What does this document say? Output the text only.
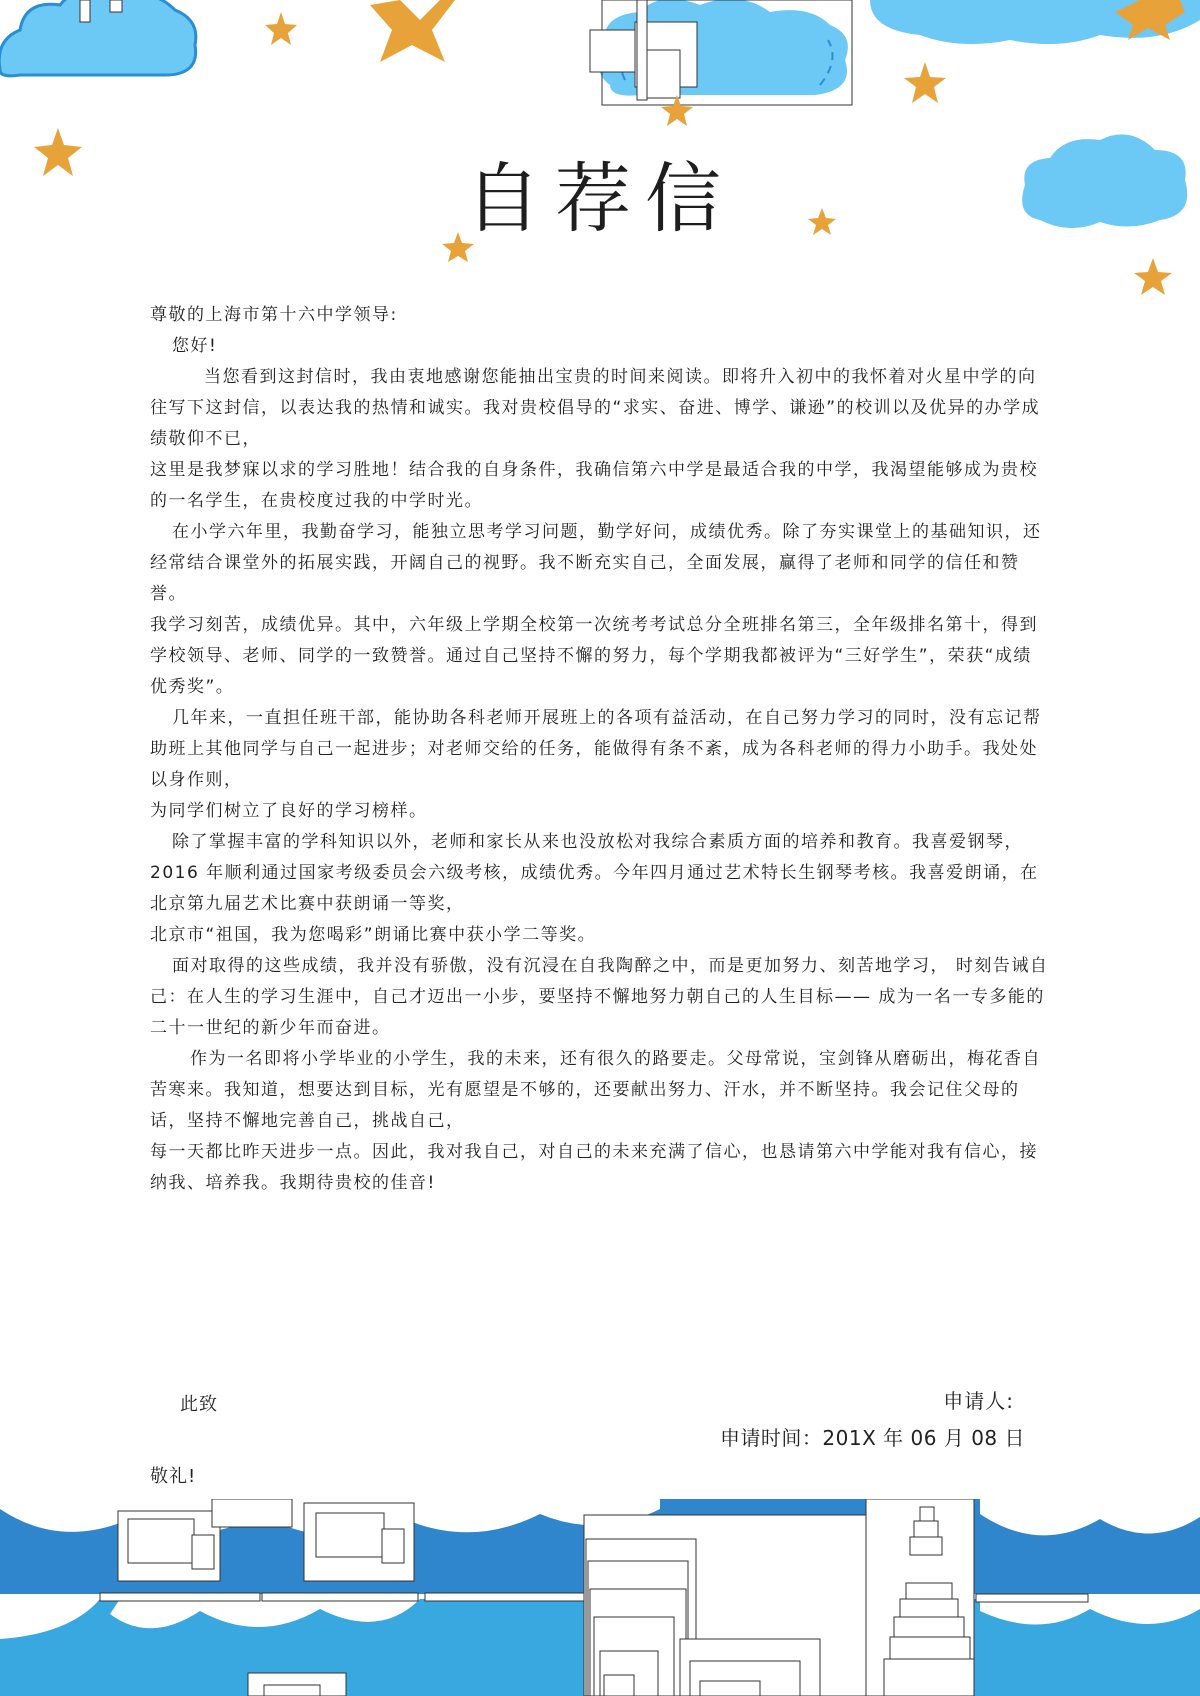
自荐信

尊敬的上海市第十六中学领导:

您好!

当您看到这封信时，我由衷地感谢您能抽出宝贵的时间来阅读。即将升入初中的我怀着对火星中学的向往写下这封信，以表达我的热情和诚实。我对贵校倡导的“求实、奋进、博学、谦逊”的校训以及优异的办学成绩敬仰不已，

这里是我梦寐以求的学习胜地！结合我的自身条件，我确信第六中学是最适合我的中学，我渴望能够成为贵校的一名学生，在贵校度过我的中学时光。

在小学六年里，我勤奋学习，能独立思考学习问题，勤学好问，成绩优秀。除了夯实课堂上的基础知识，还经常结合课堂外的拓展实践，开阔自己的视野。我不断充实自己，全面发展，赢得了老师和同学的信任和赞誉。

我学习刻苦，成绩优异。其中，六年级上学期全校第一次统考考试总分全班排名第三，全年级排名第十，得到学校领导、老师、同学的一致赞誉。通过自己坚持不懈的努力，每个学期我都被评为“三好学生”，荣获“成绩优秀奖”。

几年来，一直担任班干部，能协助各科老师开展班上的各项有益活动，在自己努力学习的同时，没有忘记帮助班上其他同学与自己一起进步；对老师交给的任务，能做得有条不紊，成为各科老师的得力小助手。我处处以身作则，

为同学们树立了良好的学习榜样。

除了掌握丰富的学科知识以外，老师和家长从来也没放松对我综合素质方面的培养和教育。我喜爱钢琴，2016 年顺利通过国家考级委员会六级考核，成绩优秀。今年四月通过艺术特长生钢琴考核。我喜爱朗诵，在北京第九届艺术比赛中获朗诵一等奖，

北京市“祖国，我为您喝彩”朗诵比赛中获小学二等奖。

面对取得的这些成绩，我并没有骄傲，没有沉浸在自我陶醉之中，而是更加努力、刻苦地学习， 时刻告诫自己：在人生的学习生涯中，自己才迈出一小步，要坚持不懈地努力朝自己的人生目标—— 成为一名一专多能的二十一世纪的新少年而奋进。

作为一名即将小学毕业的小学生，我的未来，还有很久的路要走。父母常说，宝剑锋从磨砺出，梅花香自苦寒来。我知道，想要达到目标，光有愿望是不够的，还要献出努力、汗水，并不断坚持。我会记住父母的话，坚持不懈地完善自己，挑战自己，

每一天都比昨天进步一点。因此，我对我自己，对自己的未来充满了信心，也恳请第六中学能对我有信心，接纳我、培养我。我期待贵校的佳音!

此致	申请人:
申请时间：201X 年 06 月 08 日
敬礼!
